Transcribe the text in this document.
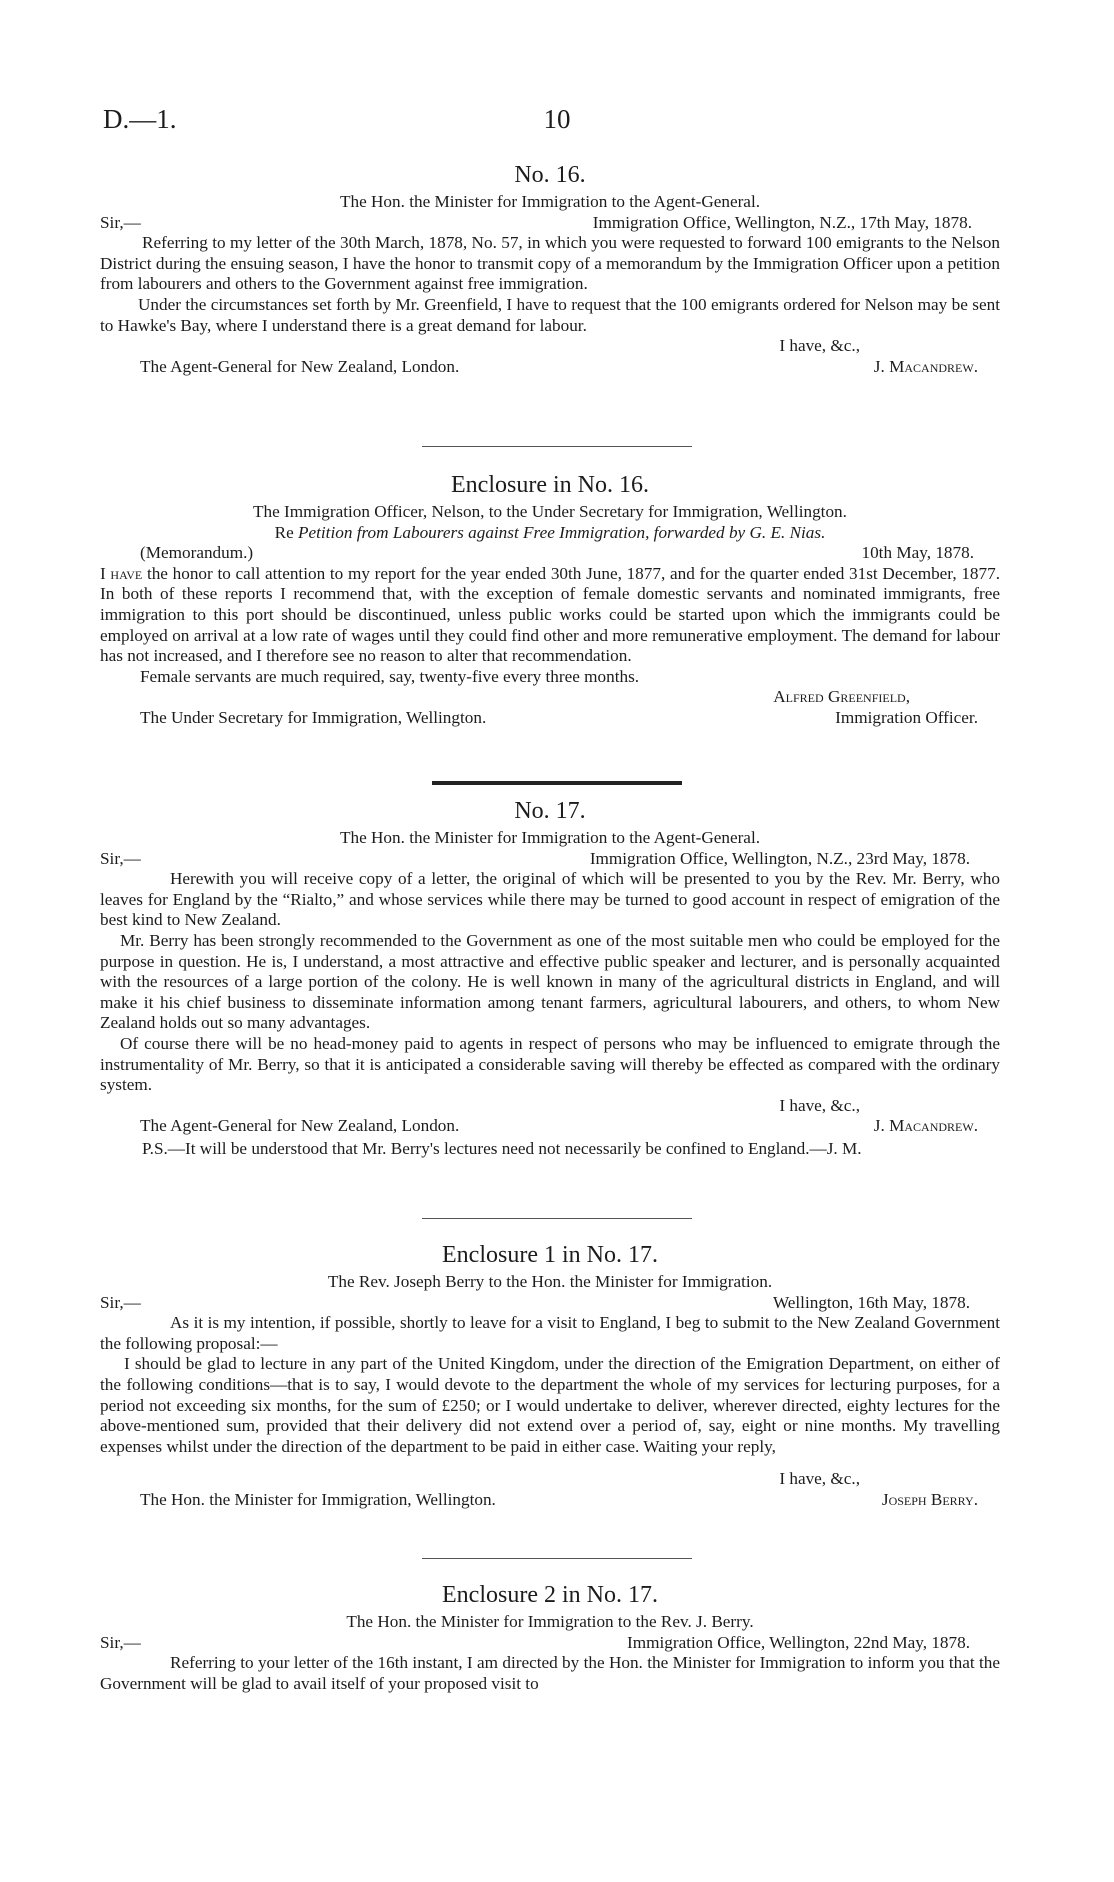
D.—1.	10
No. 16.
The Hon. the Minister for Immigration to the Agent-General.
Sir,—	Immigration Office, Wellington, N.Z., 17th May, 1878.

Referring to my letter of the 30th March, 1878, No. 57, in which you were requested to forward 100 emigrants to the Nelson District during the ensuing season, I have the honor to transmit copy of a memorandum by the Immigration Officer upon a petition from labourers and others to the Government against free immigration.

Under the circumstances set forth by Mr. Greenfield, I have to request that the 100 emigrants ordered for Nelson may be sent to Hawke's Bay, where I understand there is a great demand for labour.

I have, &c.,
The Agent-General for New Zealand, London.	J. Macandrew.
Enclosure in No. 16.
The Immigration Officer, Nelson, to the Under Secretary for Immigration, Wellington.
Re Petition from Labourers against Free Immigration, forwarded by G. E. Nias.
(Memorandum.)	10th May, 1878.

I have the honor to call attention to my report for the year ended 30th June, 1877, and for the quarter ended 31st December, 1877. In both of these reports I recommend that, with the exception of female domestic servants and nominated immigrants, free immigration to this port should be discontinued, unless public works could be started upon which the immigrants could be employed on arrival at a low rate of wages until they could find other and more remunerative employment. The demand for labour has not increased, and I therefore see no reason to alter that recommendation.

Female servants are much required, say, twenty-five every three months.

Alfred Greenfield,
The Under Secretary for Immigration, Wellington.	Immigration Officer.
No. 17.
The Hon. the Minister for Immigration to the Agent-General.
Sir,—	Immigration Office, Wellington, N.Z., 23rd May, 1878.

Herewith you will receive copy of a letter, the original of which will be presented to you by the Rev. Mr. Berry, who leaves for England by the “Rialto,” and whose services while there may be turned to good account in respect of emigration of the best kind to New Zealand.

Mr. Berry has been strongly recommended to the Government as one of the most suitable men who could be employed for the purpose in question. He is, I understand, a most attractive and effective public speaker and lecturer, and is personally acquainted with the resources of a large portion of the colony. He is well known in many of the agricultural districts in England, and will make it his chief business to disseminate information among tenant farmers, agricultural labourers, and others, to whom New Zealand holds out so many advantages.

Of course there will be no head-money paid to agents in respect of persons who may be influenced to emigrate through the instrumentality of Mr. Berry, so that it is anticipated a considerable saving will thereby be effected as compared with the ordinary system.

I have, &c.,
The Agent-General for New Zealand, London.	J. Macandrew.

P.S.—It will be understood that Mr. Berry's lectures need not necessarily be confined to England.—J. M.

Enclosure 1 in No. 17.
The Rev. Joseph Berry to the Hon. the Minister for Immigration.
Sir,—	Wellington, 16th May, 1878.

As it is my intention, if possible, shortly to leave for a visit to England, I beg to submit to the New Zealand Government the following proposal:—

I should be glad to lecture in any part of the United Kingdom, under the direction of the Emigration Department, on either of the following conditions—that is to say, I would devote to the department the whole of my services for lecturing purposes, for a period not exceeding six months, for the sum of £250; or I would undertake to deliver, wherever directed, eighty lectures for the above-mentioned sum, provided that their delivery did not extend over a period of, say, eight or nine months. My travelling expenses whilst under the direction of the department to be paid in either case. Waiting your reply,

I have, &c.,
The Hon. the Minister for Immigration, Wellington.	Joseph Berry.
Enclosure 2 in No. 17.
The Hon. the Minister for Immigration to the Rev. J. Berry.
Sir,—	Immigration Office, Wellington, 22nd May, 1878.

Referring to your letter of the 16th instant, I am directed by the Hon. the Minister for Immigration to inform you that the Government will be glad to avail itself of your proposed visit to
